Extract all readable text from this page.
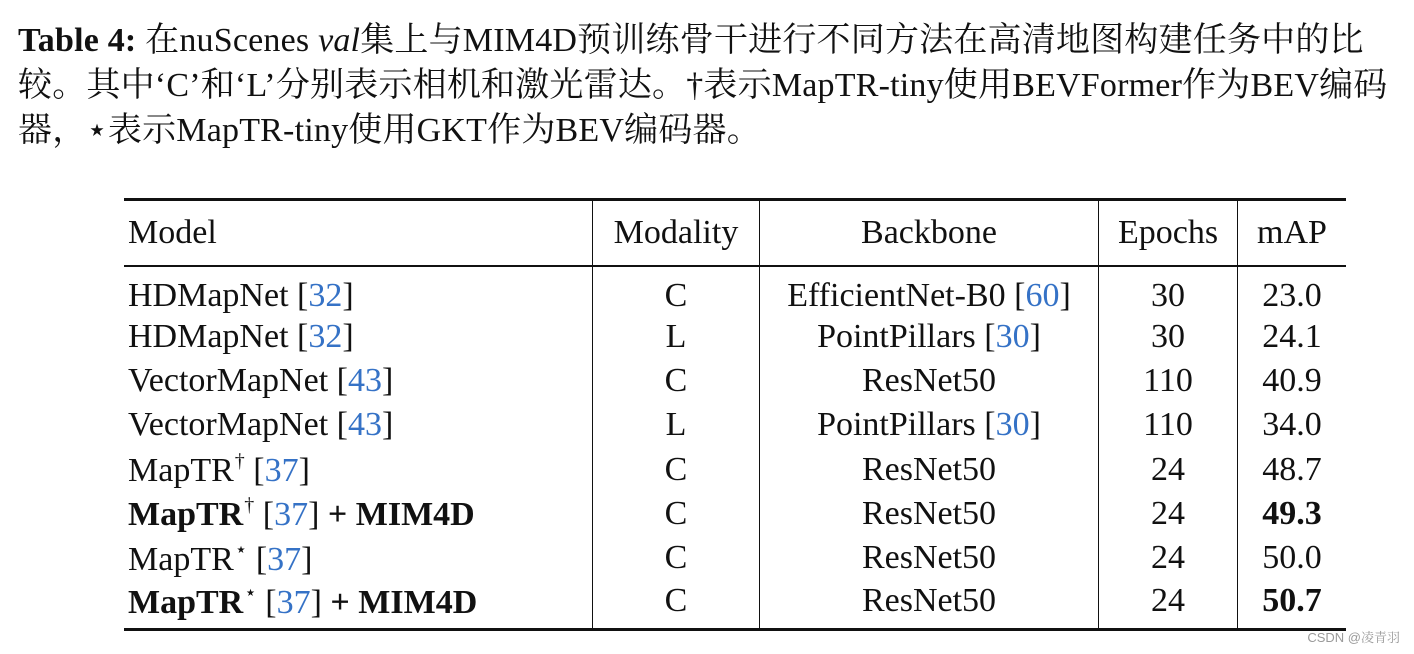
Table 4: 在nuScenes val集上与MIM4D预训练骨干进行不同方法在高清地图构建任务中的比较。其中‘C’和‘L’分别表示相机和激光雷达。†表示MapTR-tiny使用BEVFormer作为BEV编码器，⋆表示MapTR-tiny使用GKT作为BEV编码器。
Model	Modality	Backbone	Epochs	mAP
HDMapNet [32]	C	EfficientNet-B0 [60]	30	23.0
HDMapNet [32]	L	PointPillars [30]	30	24.1
VectorMapNet [43]	C	ResNet50	110	40.9
VectorMapNet [43]	L	PointPillars [30]	110	34.0
MapTR† [37]	C	ResNet50	24	48.7
MapTR† [37] + MIM4D	C	ResNet50	24	49.3
MapTR⋆ [37]	C	ResNet50	24	50.0
MapTR⋆ [37] + MIM4D	C	ResNet50	24	50.7
CSDN @凌青羽
